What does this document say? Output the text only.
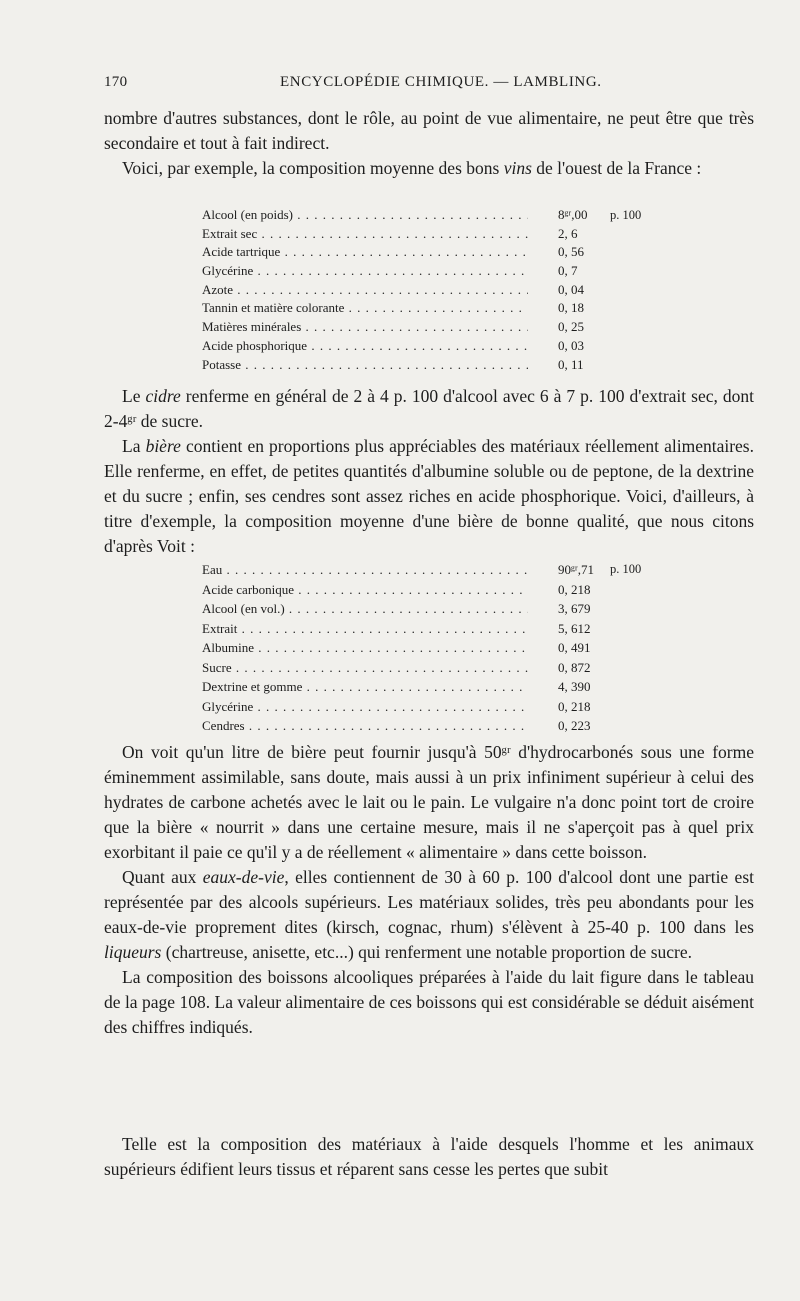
170	ENCYCLOPÉDIE CHIMIQUE. — LAMBLING.

nombre d'autres substances, dont le rôle, au point de vue alimentaire, ne peut être que très secondaire et tout à fait indirect.

Voici, par exemple, la composition moyenne des bons vins de l'ouest de la France :

Alcool (en poids) . . .	8ᵍʳ,00 p. 100
Extrait sec . . .	2, 6
Acide tartrique . . .	0, 56
Glycérine . . .	0, 7
Azote . . .	0, 04
Tannin et matière colorante . . .	0, 18
Matières minérales . . .	0, 25
Acide phosphorique . . .	0, 03
Potasse . . .	0, 11

Le cidre renferme en général de 2 à 4 p. 100 d'alcool avec 6 à 7 p. 100 d'extrait sec, dont 2-4ᵍʳ de sucre.

La bière contient en proportions plus appréciables des matériaux réellement alimentaires. Elle renferme, en effet, de petites quantités d'albumine soluble ou de peptone, de la dextrine et du sucre ; enfin, ses cendres sont assez riches en acide phosphorique. Voici, d'ailleurs, à titre d'exemple, la composition moyenne d'une bière de bonne qualité, que nous citons d'après Voit :

Eau . . .	90ᵍʳ,71 p. 100
Acide carbonique . . .	0, 218
Alcool (en vol.) . . .	3, 679
Extrait . . .	5, 612
Albumine . . .	0, 491
Sucre . . .	0, 872
Dextrine et gomme . . .	4, 390
Glycérine . . .	0, 218
Cendres . . .	0, 223

On voit qu'un litre de bière peut fournir jusqu'à 50ᵍʳ d'hydrocarbonés sous une forme éminemment assimilable, sans doute, mais aussi à un prix infiniment supérieur à celui des hydrates de carbone achetés avec le lait ou le pain. Le vulgaire n'a donc point tort de croire que la bière « nourrit » dans une certaine mesure, mais il ne s'aperçoit pas à quel prix exorbitant il paie ce qu'il y a de réellement « alimentaire » dans cette boisson.

Quant aux eaux-de-vie, elles contiennent de 30 à 60 p. 100 d'alcool dont une partie est représentée par des alcools supérieurs. Les matériaux solides, très peu abondants pour les eaux-de-vie proprement dites (kirsch, cognac, rhum) s'élèvent à 25-40 p. 100 dans les liqueurs (chartreuse, anisette, etc...) qui renferment une notable proportion de sucre.

La composition des boissons alcooliques préparées à l'aide du lait figure dans le tableau de la page 108. La valeur alimentaire de ces boissons qui est considérable se déduit aisément des chiffres indiqués.

Telle est la composition des matériaux à l'aide desquels l'homme et les animaux supérieurs édifient leurs tissus et réparent sans cesse les pertes que subit
